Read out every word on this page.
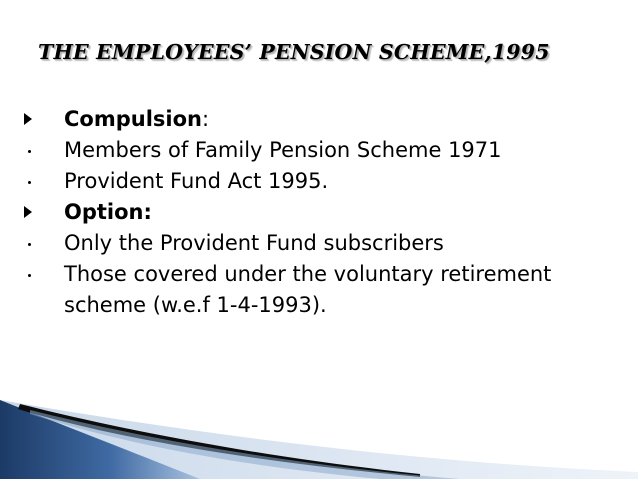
THE EMPLOYEES’ PENSION SCHEME,1995
Compulsion:
Members of Family Pension Scheme 1971
Provident Fund Act 1995.
Option:
Only the Provident Fund subscribers
Those covered under the voluntary retirement scheme (w.e.f 1-4-1993).
